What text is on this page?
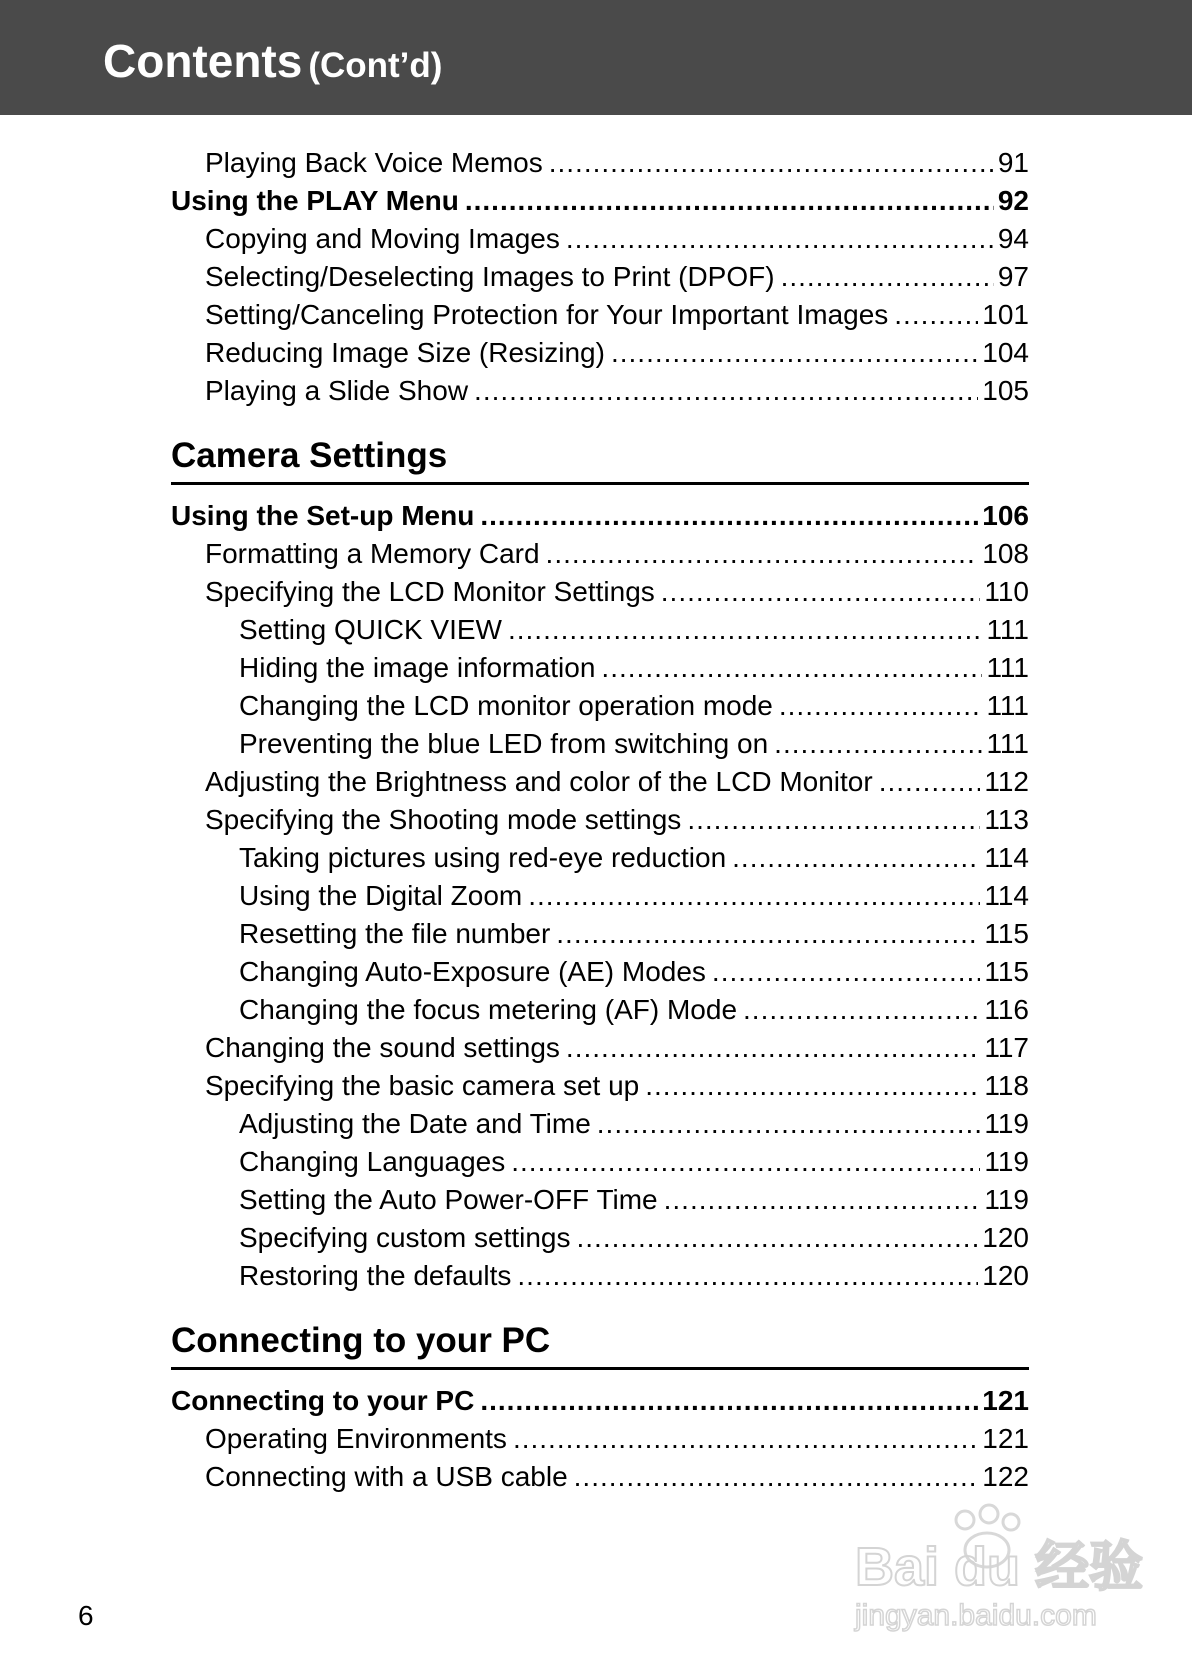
Contents (Cont’d)
Playing Back Voice Memos .....	91
Using the PLAY Menu .....	92
Copying and Moving Images .....	94
Selecting/Deselecting Images to Print (DPOF) .....	97
Setting/Canceling Protection for Your Important Images .....	101
Reducing Image Size (Resizing) .....	104
Playing a Slide Show .....	105
Camera Settings
Using the Set-up Menu .....	106
Formatting a Memory Card .....	108
Specifying the LCD Monitor Settings .....	110
Setting QUICK VIEW .....	111
Hiding the image information .....	111
Changing the LCD monitor operation mode .....	111
Preventing the blue LED from switching on .....	111
Adjusting the Brightness and color of the LCD Monitor .....	112
Specifying the Shooting mode settings .....	113
Taking pictures using red-eye reduction .....	114
Using the Digital Zoom .....	114
Resetting the file number .....	115
Changing Auto-Exposure (AE) Modes .....	115
Changing the focus metering (AF) Mode .....	116
Changing the sound settings .....	117
Specifying the basic camera set up .....	118
Adjusting the Date and Time .....	119
Changing Languages .....	119
Setting the Auto Power-OFF Time .....	119
Specifying custom settings .....	120
Restoring the defaults .....	120
Connecting to your PC
Connecting to your PC .....	121
Operating Environments .....	121
Connecting with a USB cable .....	122
6
Bai du 经验
jingyan.baidu.com
